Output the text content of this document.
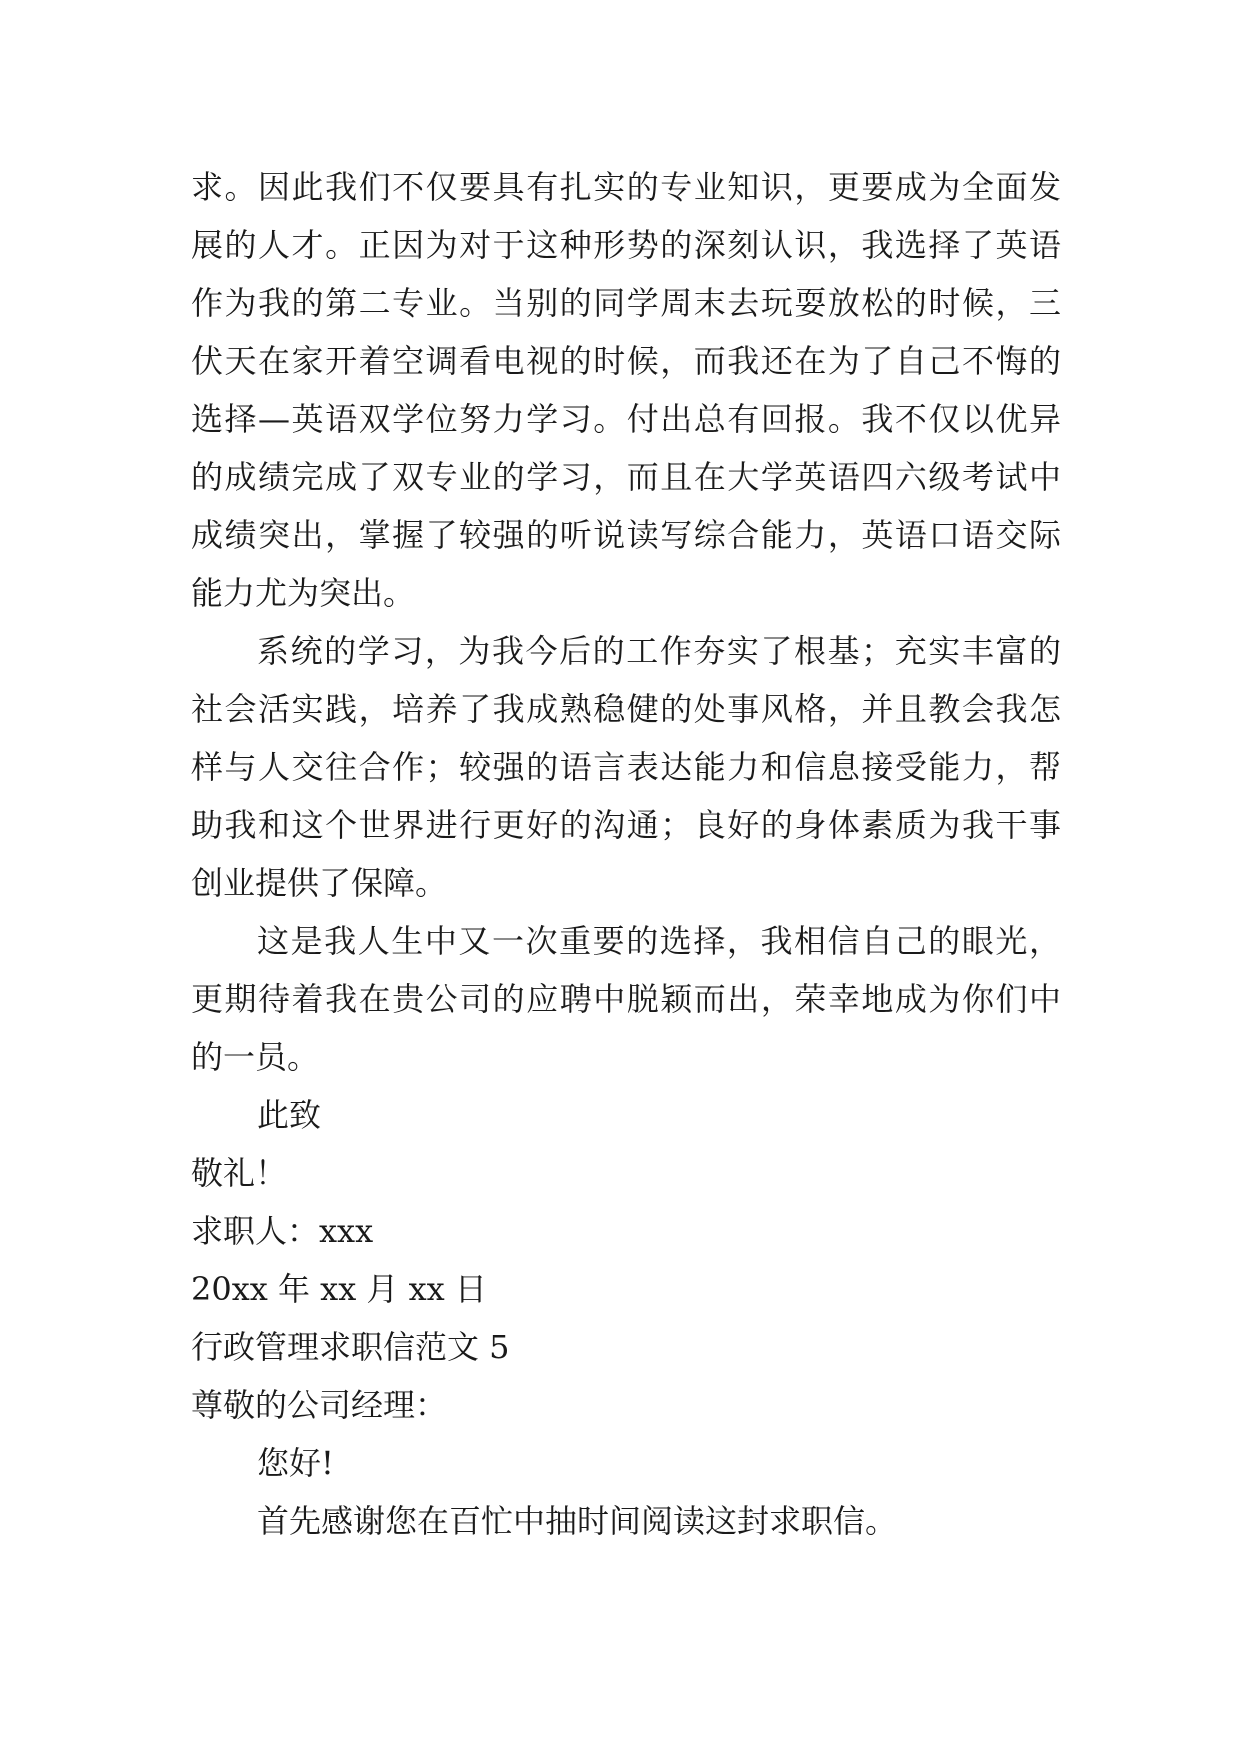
求。因此我们不仅要具有扎实的专业知识，更要成为全面发
展的人才。正因为对于这种形势的深刻认识，我选择了英语
作为我的第二专业。当别的同学周末去玩耍放松的时候，三
伏天在家开着空调看电视的时候，而我还在为了自己不悔的
选择—英语双学位努力学习。付出总有回报。我不仅以优异
的成绩完成了双专业的学习，而且在大学英语四六级考试中
成绩突出，掌握了较强的听说读写综合能力，英语口语交际
能力尤为突出。
系统的学习，为我今后的工作夯实了根基；充实丰富的
社会活实践，培养了我成熟稳健的处事风格，并且教会我怎
样与人交往合作；较强的语言表达能力和信息接受能力，帮
助我和这个世界进行更好的沟通；良好的身体素质为我干事
创业提供了保障。
这是我人生中又一次重要的选择，我相信自己的眼光，
更期待着我在贵公司的应聘中脱颖而出，荣幸地成为你们中
的一员。
此致
敬礼！
求职人：xxx
20xx 年 xx 月 xx 日
行政管理求职信范文 5
尊敬的公司经理：
您好!
首先感谢您在百忙中抽时间阅读这封求职信。
